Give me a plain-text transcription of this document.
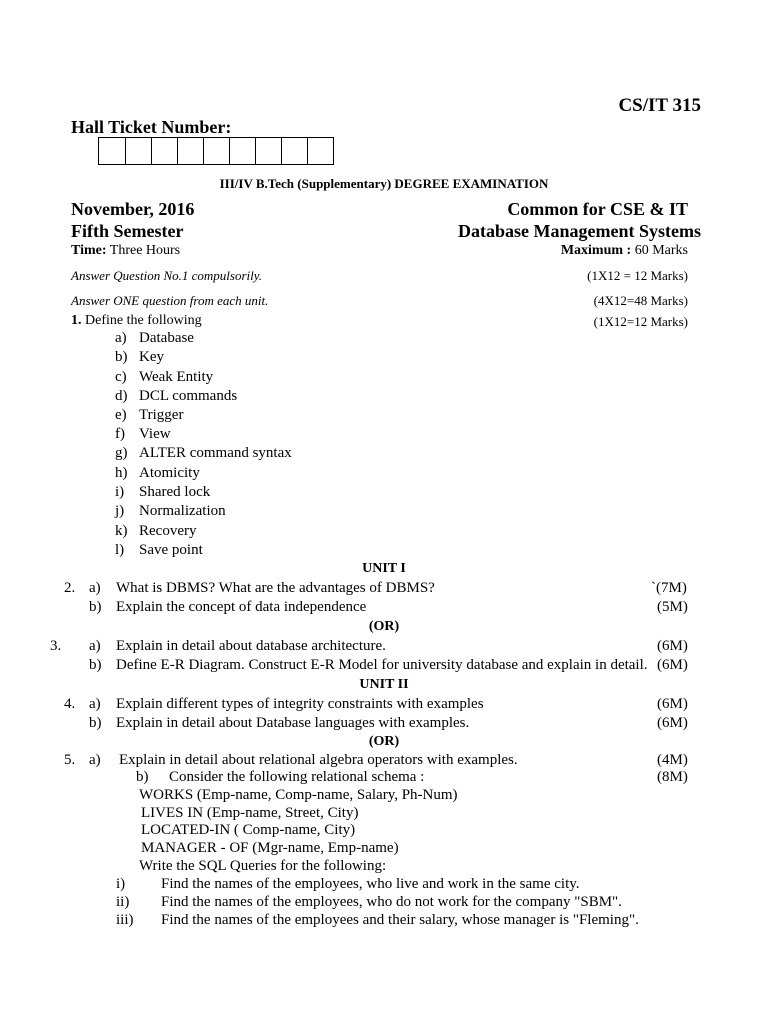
CS/IT 315
Hall Ticket Number:
III/IV B.Tech (Supplementary) DEGREE EXAMINATION
November, 2016	Common for CSE & IT
Fifth Semester	Database Management Systems
Time: Three Hours	Maximum : 60 Marks
Answer Question No.1 compulsorily.	(1X12 = 12 Marks)
Answer ONE question from each unit.	(4X12=48 Marks)
1. Define the following	(1X12=12 Marks)
a) Database
b) Key
c) Weak Entity
d) DCL commands
e) Trigger
f) View
g) ALTER command syntax
h) Atomicity
i) Shared lock
j) Normalization
k) Recovery
l) Save point
UNIT I
2. a) What is DBMS? What are the advantages of DBMS?	`(7M)
b) Explain the concept of data independence	(5M)
(OR)
3. a) Explain in detail about database architecture.	(6M)
b) Define E-R Diagram. Construct E-R Model for university database and explain in detail. (6M)
UNIT II
4. a) Explain different types of integrity constraints with examples	(6M)
b) Explain in detail about Database languages with examples.	(6M)
(OR)
5. a) Explain in detail about relational algebra operators with examples.	(4M)
b) Consider the following relational schema :	(8M)
WORKS (Emp-name, Comp-name, Salary, Ph-Num)
LIVES IN (Emp-name, Street, City)
LOCATED-IN ( Comp-name, City)
MANAGER - OF (Mgr-name, Emp-name)
Write the SQL Queries for the following:
i) Find the names of the employees, who live and work in the same city.
ii) Find the names of the employees, who do not work for the company "SBM".
iii) Find the names of the employees and their salary, whose manager is "Fleming".
